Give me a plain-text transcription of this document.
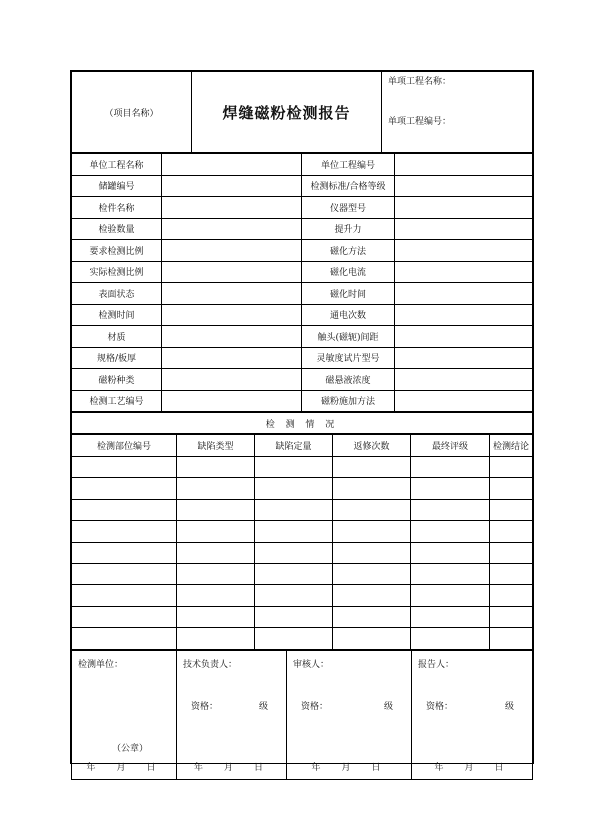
（项目名称）	焊缝磁粉检测报告	
单项工程名称：
单项工程编号：
单位工程名称		单位工程编号	
储罐编号		检测标准/合格等级	
检件名称		仪器型号	
检验数量		提升力	
要求检测比例		磁化方法	
实际检测比例		磁化电流	
表面状态		磁化时间	
检测时间		通电次数	
材质		触头(磁轭)间距	
规格/板厚		灵敏度试片型号	
磁粉种类		磁悬液浓度	
检测工艺编号		磁粉施加方法	
检 测 情 况
检测部位编号	缺陷类型	缺陷定量	返修次数	最终评级	检测结论

检测单位：
（公章）
年　月　日

技术负责人：
资格：	级
年　月　日

审核人：
资格：	级
年　月　日

报告人：
资格：	级
年　月　日
